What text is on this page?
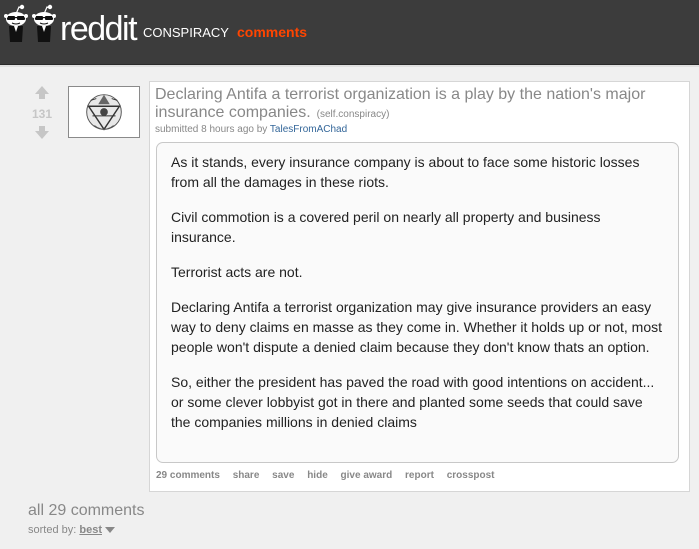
reddit CONSPIRACY comments
131
Declaring Antifa a terrorist organization is a play by the nation's major insurance companies. (self.conspiracy)
submitted 8 hours ago by TalesFromAChad

As it stands, every insurance company is about to face some historic losses from all the damages in these riots.

Civil commotion is a covered peril on nearly all property and business insurance.

Terrorist acts are not.

Declaring Antifa a terrorist organization may give insurance providers an easy way to deny claims en masse as they come in. Whether it holds up or not, most people won't dispute a denied claim because they don't know thats an option.

So, either the president has paved the road with good intentions on accident... or some clever lobbyist got in there and planted some seeds that could save the companies millions in denied claims

29 comments share save hide give award report crosspost
all 29 comments
sorted by: best
